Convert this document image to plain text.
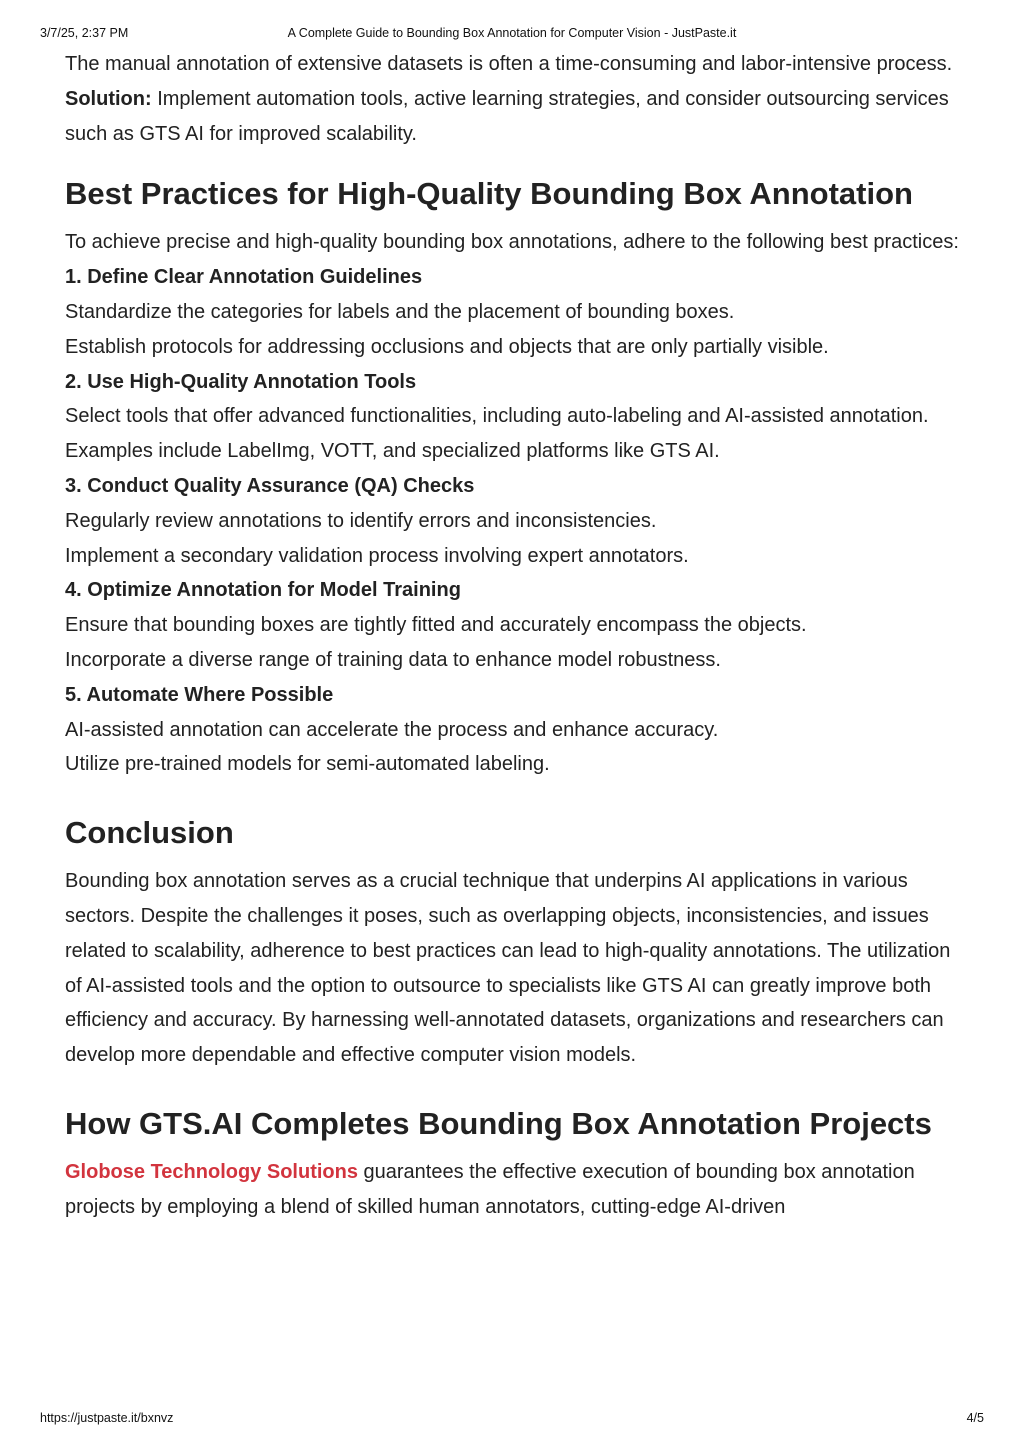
3/7/25, 2:37 PM	A Complete Guide to Bounding Box Annotation for Computer Vision - JustPaste.it

The manual annotation of extensive datasets is often a time-consuming and labor-intensive process.
Solution: Implement automation tools, active learning strategies, and consider outsourcing services such as GTS AI for improved scalability.

Best Practices for High-Quality Bounding Box Annotation

To achieve precise and high-quality bounding box annotations, adhere to the following best practices:
1. Define Clear Annotation Guidelines
Standardize the categories for labels and the placement of bounding boxes.
Establish protocols for addressing occlusions and objects that are only partially visible.
2. Use High-Quality Annotation Tools
Select tools that offer advanced functionalities, including auto-labeling and AI-assisted annotation.
Examples include LabelImg, VOTT, and specialized platforms like GTS AI.
3. Conduct Quality Assurance (QA) Checks
Regularly review annotations to identify errors and inconsistencies.
Implement a secondary validation process involving expert annotators.
4. Optimize Annotation for Model Training
Ensure that bounding boxes are tightly fitted and accurately encompass the objects.
Incorporate a diverse range of training data to enhance model robustness.
5. Automate Where Possible
AI-assisted annotation can accelerate the process and enhance accuracy.
Utilize pre-trained models for semi-automated labeling.

Conclusion

Bounding box annotation serves as a crucial technique that underpins AI applications in various sectors. Despite the challenges it poses, such as overlapping objects, inconsistencies, and issues related to scalability, adherence to best practices can lead to high-quality annotations. The utilization of AI-assisted tools and the option to outsource to specialists like GTS AI can greatly improve both efficiency and accuracy. By harnessing well-annotated datasets, organizations and researchers can develop more dependable and effective computer vision models.

How GTS.AI Completes Bounding Box Annotation Projects

Globose Technology Solutions guarantees the effective execution of bounding box annotation projects by employing a blend of skilled human annotators, cutting-edge AI-driven

https://justpaste.it/bxnvz	4/5
